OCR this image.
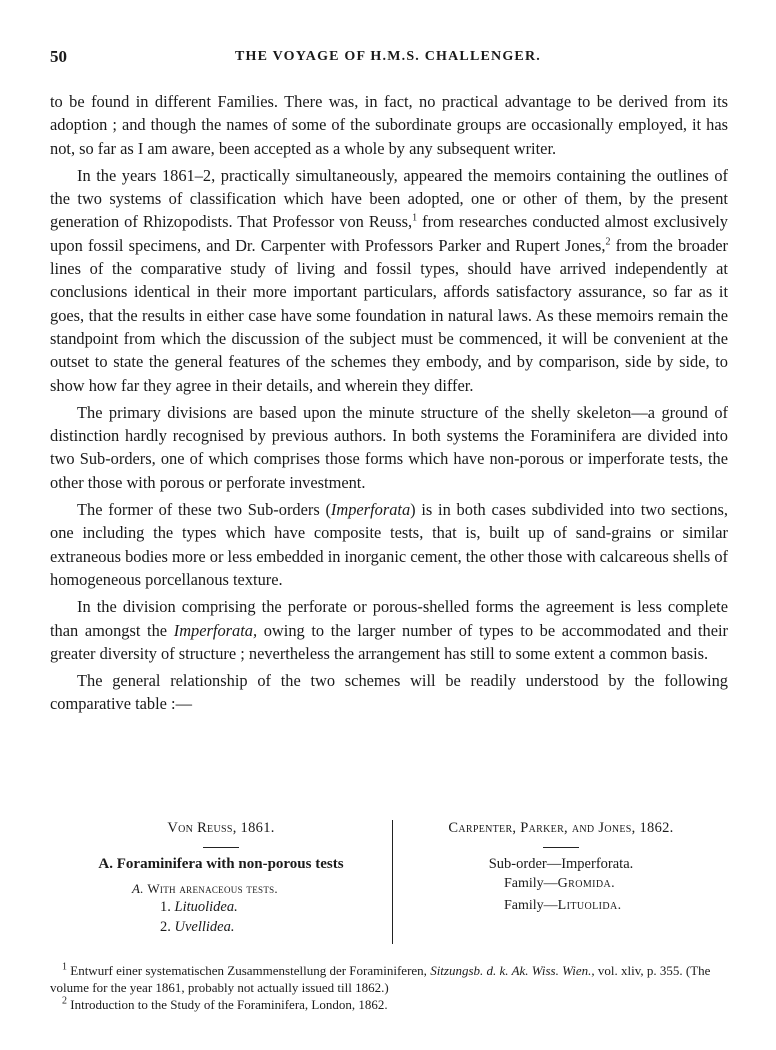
50	THE VOYAGE OF H.M.S. CHALLENGER.

to be found in different Families. There was, in fact, no practical advantage to be derived from its adoption ; and though the names of some of the subordinate groups are occasionally employed, it has not, so far as I am aware, been accepted as a whole by any subsequent writer.

In the years 1861–2, practically simultaneously, appeared the memoirs containing the outlines of the two systems of classification which have been adopted, one or other of them, by the present generation of Rhizopodists. That Professor von Reuss,$^1$ from researches conducted almost exclusively upon fossil specimens, and Dr. Carpenter with Professors Parker and Rupert Jones,$^2$ from the broader lines of the comparative study of living and fossil types, should have arrived independently at conclusions identical in their more important particulars, affords satisfactory assurance, so far as it goes, that the results in either case have some foundation in natural laws. As these memoirs remain the standpoint from which the discussion of the subject must be commenced, it will be convenient at the outset to state the general features of the schemes they embody, and by comparison, side by side, to show how far they agree in their details, and wherein they differ.

The primary divisions are based upon the minute structure of the shelly skeleton—a ground of distinction hardly recognised by previous authors. In both systems the Foraminifera are divided into two Sub-orders, one of which comprises those forms which have non-porous or imperforate tests, the other those with porous or perforate investment.

The former of these two Sub-orders (Imperforata) is in both cases subdivided into two sections, one including the types which have composite tests, that is, built up of sand-grains or similar extraneous bodies more or less embedded in inorganic cement, the other those with calcareous shells of homogeneous porcellanous texture.

In the division comprising the perforate or porous-shelled forms the agreement is less complete than amongst the Imperforata, owing to the larger number of types to be accommodated and their greater diversity of structure ; nevertheless the arrangement has still to some extent a common basis.

The general relationship of the two schemes will be readily understood by the following comparative table :—

Von Reuss, 1861.
A. Foraminifera with non-porous tests
A. With arenaceous tests.
1. Lituolidea.
2. Uvellidea.
Carpenter, Parker, and Jones, 1862.
Sub-order—Imperforata.
Family—Gromida.
Family—Lituolida.

$^1$ Entwurf einer systematischen Zusammenstellung der Foraminiferen, Sitzungsb. d. k. Ak. Wiss. Wien., vol. xliv, p. 355. (The volume for the year 1861, probably not actually issued till 1862.)

$^2$ Introduction to the Study of the Foraminifera, London, 1862.
